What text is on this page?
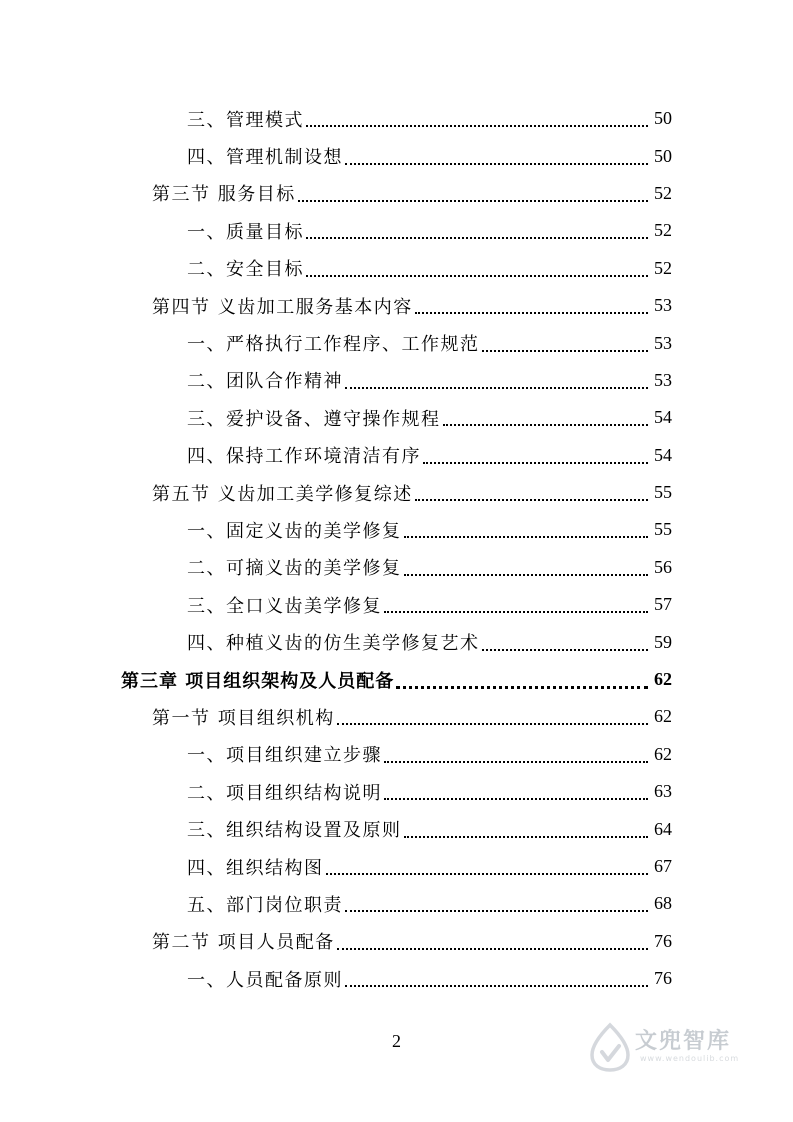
三、管理模式	50
四、管理机制设想	50
第三节 服务目标	52
一、质量目标	52
二、安全目标	52
第四节 义齿加工服务基本内容	53
一、严格执行工作程序、工作规范	53
二、团队合作精神	53
三、爱护设备、遵守操作规程	54
四、保持工作环境清洁有序	54
第五节 义齿加工美学修复综述	55
一、固定义齿的美学修复	55
二、可摘义齿的美学修复	56
三、全口义齿美学修复	57
四、种植义齿的仿生美学修复艺术	59
第三章 项目组织架构及人员配备	62
第一节 项目组织机构	62
一、项目组织建立步骤	62
二、项目组织结构说明	63
三、组织结构设置及原则	64
四、组织结构图	67
五、部门岗位职责	68
第二节 项目人员配备	76
一、人员配备原则	76
2	文兜智库
www.wendoulib.com
